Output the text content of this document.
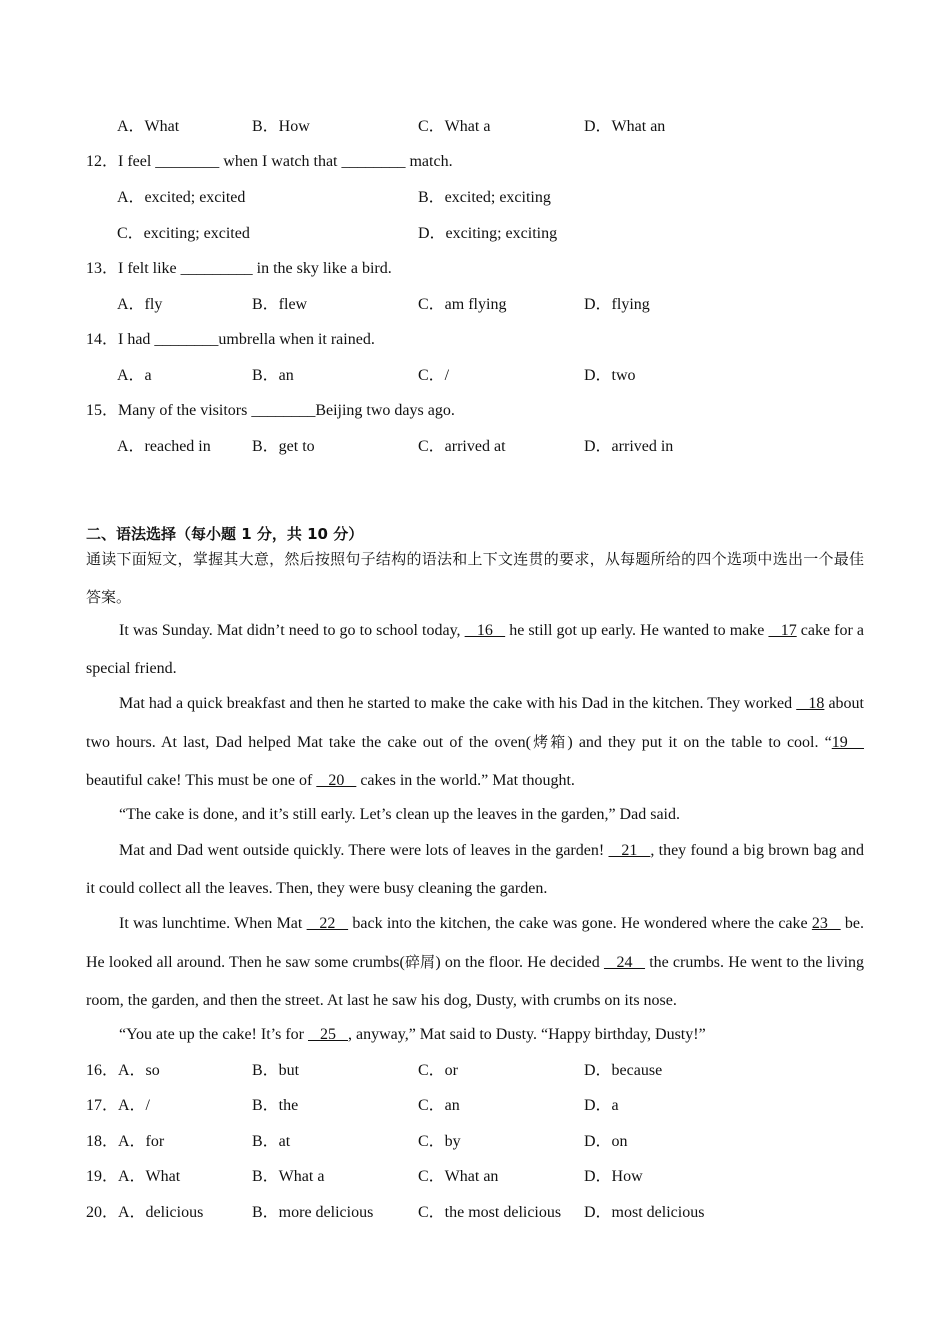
A．What	B．How	C．What a	D．What an
12．I feel ________ when I watch that ________ match.
A．excited; excited	B．excited; exciting
C．exciting; excited	D．exciting; exciting
13．I felt like _________ in the sky like a bird.
A．fly	B．flew	C．am flying	D．flying
14．I had ________umbrella when it rained.
A．a	B．an	C．/	D．two
15．Many of the visitors ________Beijing two days ago.
A．reached in	B．get to	C．arrived at	D．arrived in
二、语法选择（每小题 1 分，共 10 分）
通读下面短文，掌握其大意，然后按照句子结构的语法和上下文连贯的要求，从每题所给的四个选项中选出一个最佳答案。
It was Sunday. Mat didn’t need to go to school today,    16    he still got up early. He wanted to make    17 cake for a special friend.
Mat had a quick breakfast and then he started to make the cake with his Dad in the kitchen. They worked    18 about two hours. At last, Dad helped Mat take the cake out of the oven(烤箱) and they put it on the table to cool. “19    beautiful cake! This must be one of    20    cakes in the world.” Mat thought.
“The cake is done, and it’s still early. Let’s clean up the leaves in the garden,” Dad said.
Mat and Dad went outside quickly. There were lots of leaves in the garden!    21   , they found a big brown bag and it could collect all the leaves. Then, they were busy cleaning the garden.
It was lunchtime. When Mat    22    back into the kitchen, the cake was gone. He wondered where the cake 23    be. He looked all around. Then he saw some crumbs(碎屑) on the floor. He decided    24    the crumbs. He went to the living room, the garden, and then the street. At last he saw his dog, Dusty, with crumbs on its nose.
“You ate up the cake! It’s for    25   , anyway,” Mat said to Dusty. “Happy birthday, Dusty!”
16．A．so	B．but	C．or	D．because
17．A．/	B．the	C．an	D．a
18．A．for	B．at	C．by	D．on
19．A．What	B．What a	C．What an	D．How
20．A．delicious	B．more delicious	C．the most delicious D．most delicious
